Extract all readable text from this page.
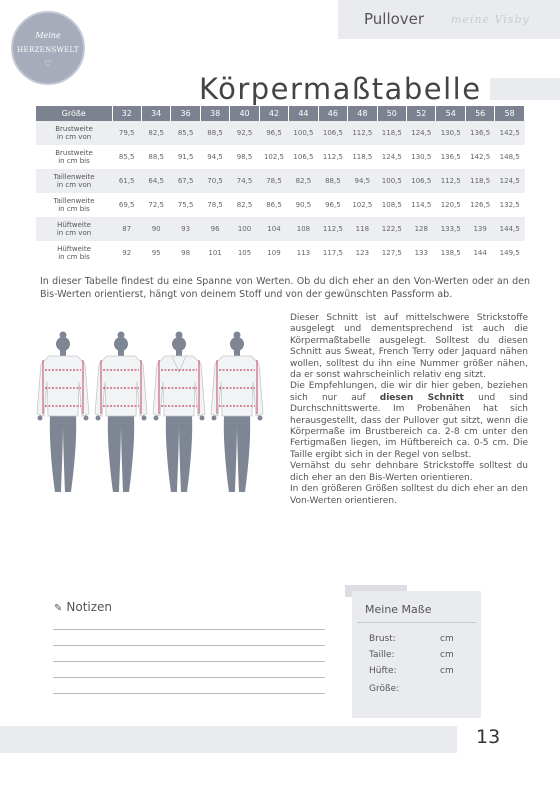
Meine
HERZENSWELT
♡
Pullover meine Visby
Körpermaßtabelle
Größe	32	34	36	38	40	42	44	46	48	50	52	54	56	58

Brustweite
in cm von	79,5	82,5	85,5	88,5	92,5	96,5	100,5	106,5	112,5	118,5	124,5	130,5	136,5	142,5

Brustweite
in cm bis	85,5	88,5	91,5	94,5	98,5	102,5	106,5	112,5	118,5	124,5	130,5	136,5	142,5	148,5

Taillenweite
in cm von	61,5	64,5	67,5	70,5	74,5	78,5	82,5	88,5	94,5	100,5	106,5	112,5	118,5	124,5

Taillenweite
in cm bis	69,5	72,5	75,5	78,5	82,5	86,5	90,5	96,5	102,5	108,5	114,5	120,5	126,5	132,5

Hüftweite
in cm von	87	90	93	96	100	104	108	112,5	118	122,5	128	133,5	139	144,5

Hüftweite
in cm bis	92	95	98	101	105	109	113	117,5	123	127,5	133	138,5	144	149,5

In dieser Tabelle findest du eine Spanne von Werten. Ob du dich eher an den Von-Werten oder an den Bis-Werten orientierst, hängt von deinem Stoff und von der gewünschten Passform ab.

Dieser Schnitt ist auf mittelschwere Strickstoffe ausgelegt und dementsprechend ist auch die Körpermaßtabelle ausgelegt. Solltest du diesen Schnitt aus Sweat, French Terry oder Jaquard nähen wollen, solltest du ihn eine Nummer größer nähen, da er sonst wahrscheinlich relativ eng sitzt.

Die Empfehlungen, die wir dir hier geben, beziehen sich nur auf diesen Schnitt und sind Durchschnittswerte. Im Probenähen hat sich herausgestellt, dass der Pullover gut sitzt, wenn die Körpermaße im Brustbereich ca. 2-8 cm unter den Fertigmaßen liegen, im Hüftbereich ca. 0-5 cm. Die Taille ergibt sich in der Regel von selbst.

Vernähst du sehr dehnbare Strickstoffe solltest du dich eher an den Bis-Werten orientieren.

In den größeren Größen solltest du dich eher an den Von-Werten orientieren.

✎ Notizen	Meine Maße
Brust:	cm
Taille:	cm
Hüfte:	cm
Größe:
13
